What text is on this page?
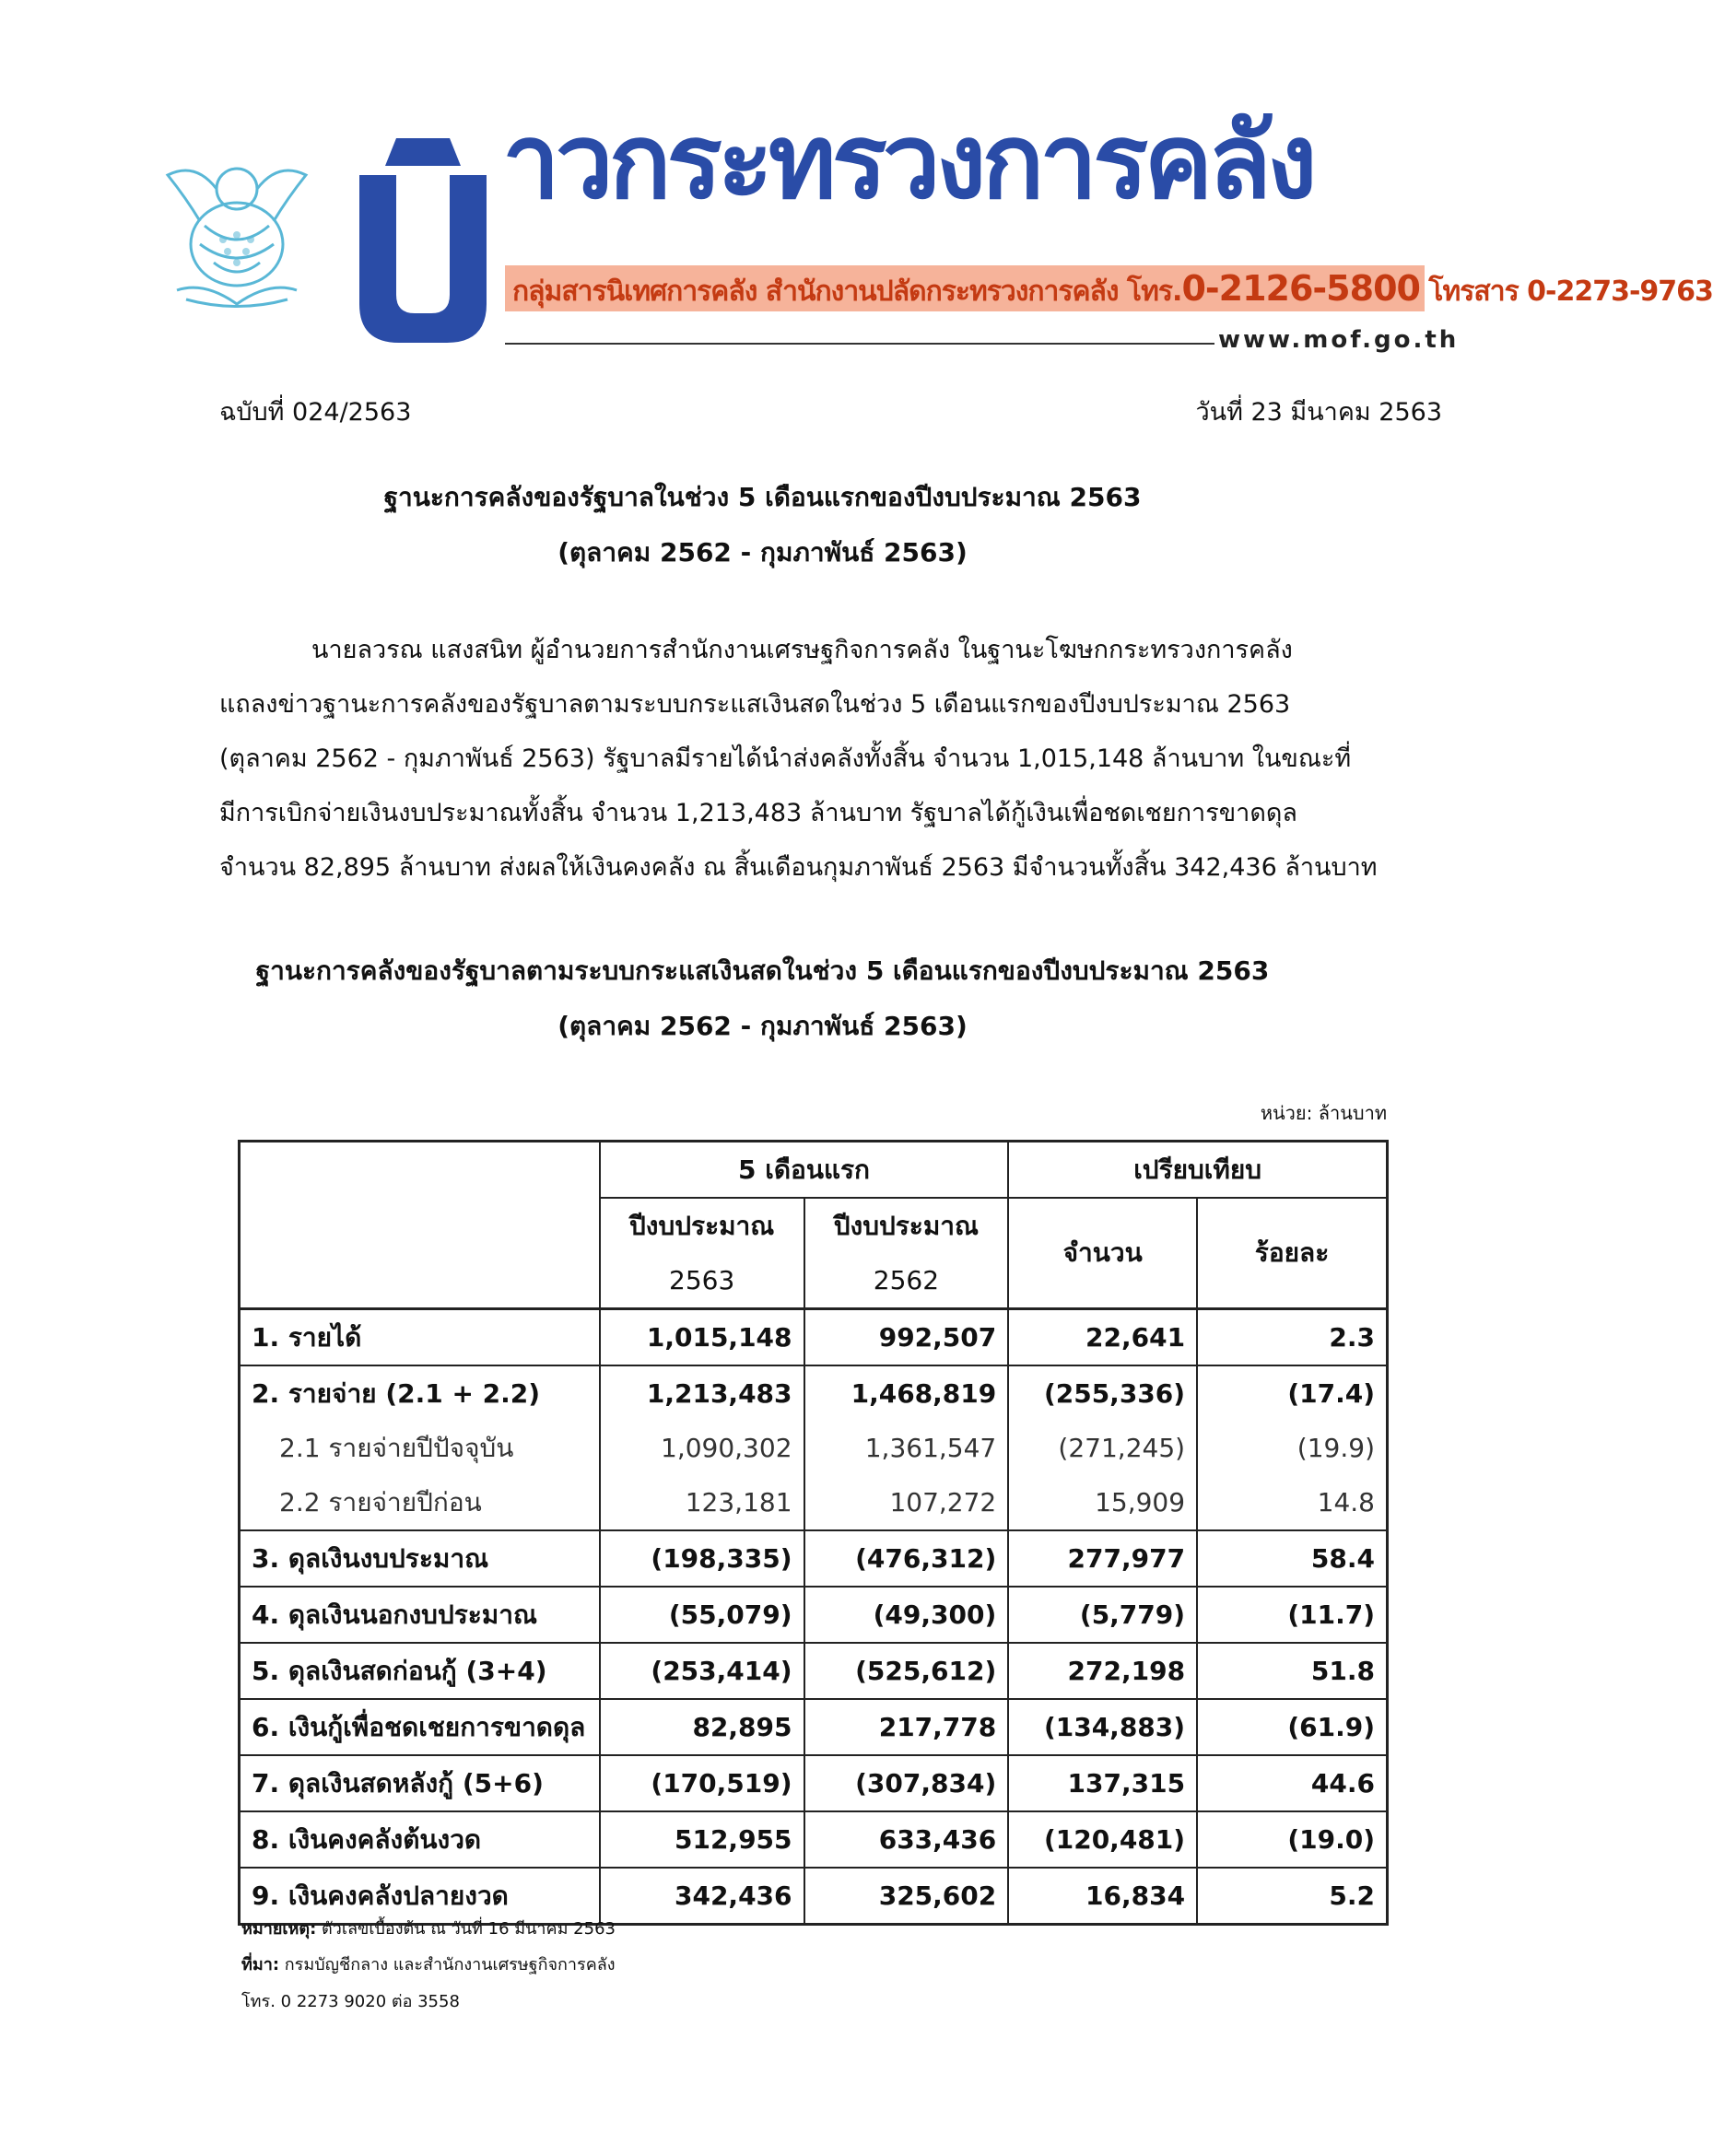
าวกระทรวงการคลัง
กลุ่มสารนิเทศการคลัง สำนักงานปลัดกระทรวงการคลัง โทร.0-2126-5800 โทรสาร 0-2273-9763
www.mof.go.th
ฉบับที่ 024/2563	วันที่ 23 มีนาคม 2563
ฐานะการคลังของรัฐบาลในช่วง 5 เดือนแรกของปีงบประมาณ 2563
(ตุลาคม 2562 - กุมภาพันธ์ 2563)
นายลวรณ แสงสนิท ผู้อำนวยการสำนักงานเศรษฐกิจการคลัง ในฐานะโฆษกกระทรวงการคลัง
แถลงข่าวฐานะการคลังของรัฐบาลตามระบบกระแสเงินสดในช่วง 5 เดือนแรกของปีงบประมาณ 2563
(ตุลาคม 2562 - กุมภาพันธ์ 2563) รัฐบาลมีรายได้นำส่งคลังทั้งสิ้น จำนวน 1,015,148 ล้านบาท ในขณะที่
มีการเบิกจ่ายเงินงบประมาณทั้งสิ้น จำนวน 1,213,483 ล้านบาท รัฐบาลได้กู้เงินเพื่อชดเชยการขาดดุล
จำนวน 82,895 ล้านบาท ส่งผลให้เงินคงคลัง ณ สิ้นเดือนกุมภาพันธ์ 2563 มีจำนวนทั้งสิ้น 342,436 ล้านบาท
ฐานะการคลังของรัฐบาลตามระบบกระแสเงินสดในช่วง 5 เดือนแรกของปีงบประมาณ 2563
(ตุลาคม 2562 - กุมภาพันธ์ 2563)
หน่วย: ล้านบาท
	5 เดือนแรก		เปรียบเทียบ	
	ปีงบประมาณ	ปีงบประมาณ	จำนวน	ร้อยละ
	2563	2562		
1. รายได้	1,015,148	992,507	22,641	2.3
2. รายจ่าย (2.1 + 2.2)	1,213,483	1,468,819	(255,336)	(17.4)
2.1 รายจ่ายปีปัจจุบัน	1,090,302	1,361,547	(271,245)	(19.9)
2.2 รายจ่ายปีก่อน	123,181	107,272	15,909	14.8
3. ดุลเงินงบประมาณ	(198,335)	(476,312)	277,977	58.4
4. ดุลเงินนอกงบประมาณ	(55,079)	(49,300)	(5,779)	(11.7)
5. ดุลเงินสดก่อนกู้ (3+4)	(253,414)	(525,612)	272,198	51.8
6. เงินกู้เพื่อชดเชยการขาดดุล	82,895	217,778	(134,883)	(61.9)
7. ดุลเงินสดหลังกู้ (5+6)	(170,519)	(307,834)	137,315	44.6
8. เงินคงคลังต้นงวด	512,955	633,436	(120,481)	(19.0)
9. เงินคงคลังปลายงวด	342,436	325,602	16,834	5.2
หมายเหตุ: ตัวเลขเบื้องต้น ณ วันที่ 16 มีนาคม 2563
ที่มา: กรมบัญชีกลาง และสำนักงานเศรษฐกิจการคลัง
โทร. 0 2273 9020 ต่อ 3558
